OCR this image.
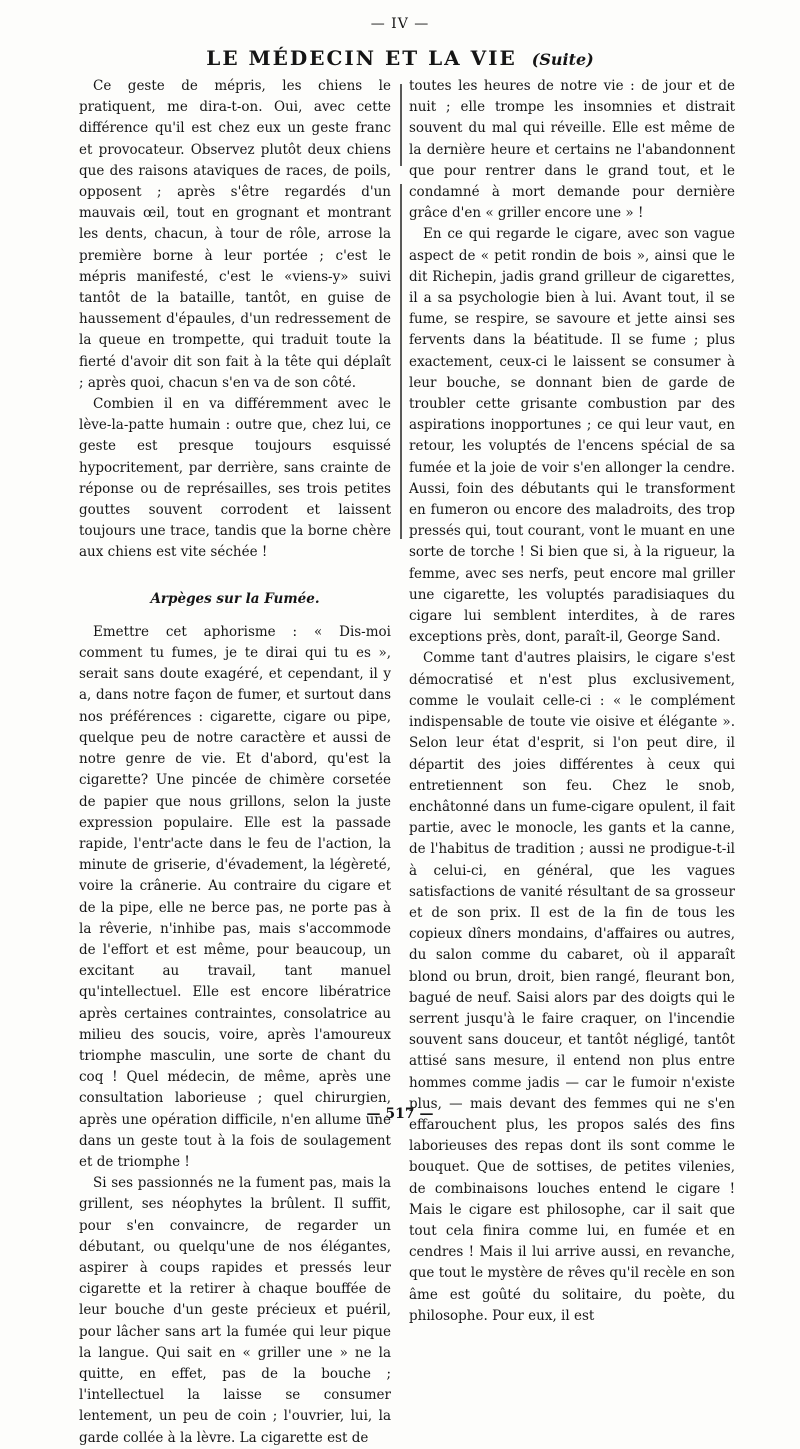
— IV —
LE MÉDECIN ET LA VIE (Suite)

Ce geste de mépris, les chiens le pratiquent, me dira-t-on. Oui, avec cette différence qu'il est chez eux un geste franc et provocateur. Observez plutôt deux chiens que des raisons ataviques de races, de poils, opposent ; après s'être regardés d'un mauvais œil, tout en grognant et montrant les dents, chacun, à tour de rôle, arrose la première borne à leur portée ; c'est le mépris manifesté, c'est le «viens-y» suivi tantôt de la bataille, tantôt, en guise de haussement d'épaules, d'un redressement de la queue en trompette, qui traduit toute la fierté d'avoir dit son fait à la tête qui déplaît ; après quoi, chacun s'en va de son côté.

Combien il en va différemment avec le lève-la-patte humain : outre que, chez lui, ce geste est presque toujours esquissé hypocritement, par derrière, sans crainte de réponse ou de représailles, ses trois petites gouttes souvent corrodent et laissent toujours une trace, tandis que la borne chère aux chiens est vite séchée !

Arpèges sur la Fumée.

Emettre cet aphorisme : « Dis-moi comment tu fumes, je te dirai qui tu es », serait sans doute exagéré, et cependant, il y a, dans notre façon de fumer, et surtout dans nos préférences : cigarette, cigare ou pipe, quelque peu de notre caractère et aussi de notre genre de vie. Et d'abord, qu'est la cigarette? Une pincée de chimère corsetée de papier que nous grillons, selon la juste expression populaire. Elle est la passade rapide, l'entr'acte dans le feu de l'action, la minute de griserie, d'évadement, la légèreté, voire la crânerie. Au contraire du cigare et de la pipe, elle ne berce pas, ne porte pas à la rêverie, n'inhibe pas, mais s'accommode de l'effort et est même, pour beaucoup, un excitant au travail, tant manuel qu'intellectuel. Elle est encore libératrice après certaines contraintes, consolatrice au milieu des soucis, voire, après l'amoureux triomphe masculin, une sorte de chant du coq ! Quel médecin, de même, après une consultation laborieuse ; quel chirurgien, après une opération difficile, n'en allume une dans un geste tout à la fois de soulagement et de triomphe !

Si ses passionnés ne la fument pas, mais la grillent, ses néophytes la brûlent. Il suffit, pour s'en convaincre, de regarder un débutant, ou quelqu'une de nos élégantes, aspirer à coups rapides et pressés leur cigarette et la retirer à chaque bouffée de leur bouche d'un geste précieux et puéril, pour lâcher sans art la fumée qui leur pique la langue. Qui sait en « griller une » ne la quitte, en effet, pas de la bouche ; l'intellectuel la laisse se consumer lentement, un peu de coin ; l'ouvrier, lui, la garde collée à la lèvre. La cigarette est de

toutes les heures de notre vie : de jour et de nuit ; elle trompe les insomnies et distrait souvent du mal qui réveille. Elle est même de la dernière heure et certains ne l'abandonnent que pour rentrer dans le grand tout, et le condamné à mort demande pour dernière grâce d'en « griller encore une » !

En ce qui regarde le cigare, avec son vague aspect de « petit rondin de bois », ainsi que le dit Richepin, jadis grand grilleur de cigarettes, il a sa psychologie bien à lui. Avant tout, il se fume, se respire, se savoure et jette ainsi ses fervents dans la béatitude. Il se fume ; plus exactement, ceux-ci le laissent se consumer à leur bouche, se donnant bien de garde de troubler cette grisante combustion par des aspirations inopportunes ; ce qui leur vaut, en retour, les voluptés de l'encens spécial de sa fumée et la joie de voir s'en allonger la cendre. Aussi, foin des débutants qui le transforment en fumeron ou encore des maladroits, des trop pressés qui, tout courant, vont le muant en une sorte de torche ! Si bien que si, à la rigueur, la femme, avec ses nerfs, peut encore mal griller une cigarette, les voluptés paradisiaques du cigare lui semblent interdites, à de rares exceptions près, dont, paraît-il, George Sand.

Comme tant d'autres plaisirs, le cigare s'est démocratisé et n'est plus exclusivement, comme le voulait celle-ci : « le complément indispensable de toute vie oisive et élégante ». Selon leur état d'esprit, si l'on peut dire, il départit des joies différentes à ceux qui entretiennent son feu. Chez le snob, enchâtonné dans un fume-cigare opulent, il fait partie, avec le monocle, les gants et la canne, de l'habitus de tradition ; aussi ne prodigue-t-il à celui-ci, en général, que les vagues satisfactions de vanité résultant de sa grosseur et de son prix. Il est de la fin de tous les copieux dîners mondains, d'affaires ou autres, du salon comme du cabaret, où il apparaît blond ou brun, droit, bien rangé, fleurant bon, bagué de neuf. Saisi alors par des doigts qui le serrent jusqu'à le faire craquer, on l'incendie souvent sans douceur, et tantôt négligé, tantôt attisé sans mesure, il entend non plus entre hommes comme jadis — car le fumoir n'existe plus, — mais devant des femmes qui ne s'en effarouchent plus, les propos salés des fins laborieuses des repas dont ils sont comme le bouquet. Que de sottises, de petites vilenies, de combinaisons louches entend le cigare ! Mais le cigare est philosophe, car il sait que tout cela finira comme lui, en fumée et en cendres ! Mais il lui arrive aussi, en revanche, que tout le mystère de rêves qu'il recèle en son âme est goûté du solitaire, du poète, du philosophe. Pour eux, il est

— 517 —
